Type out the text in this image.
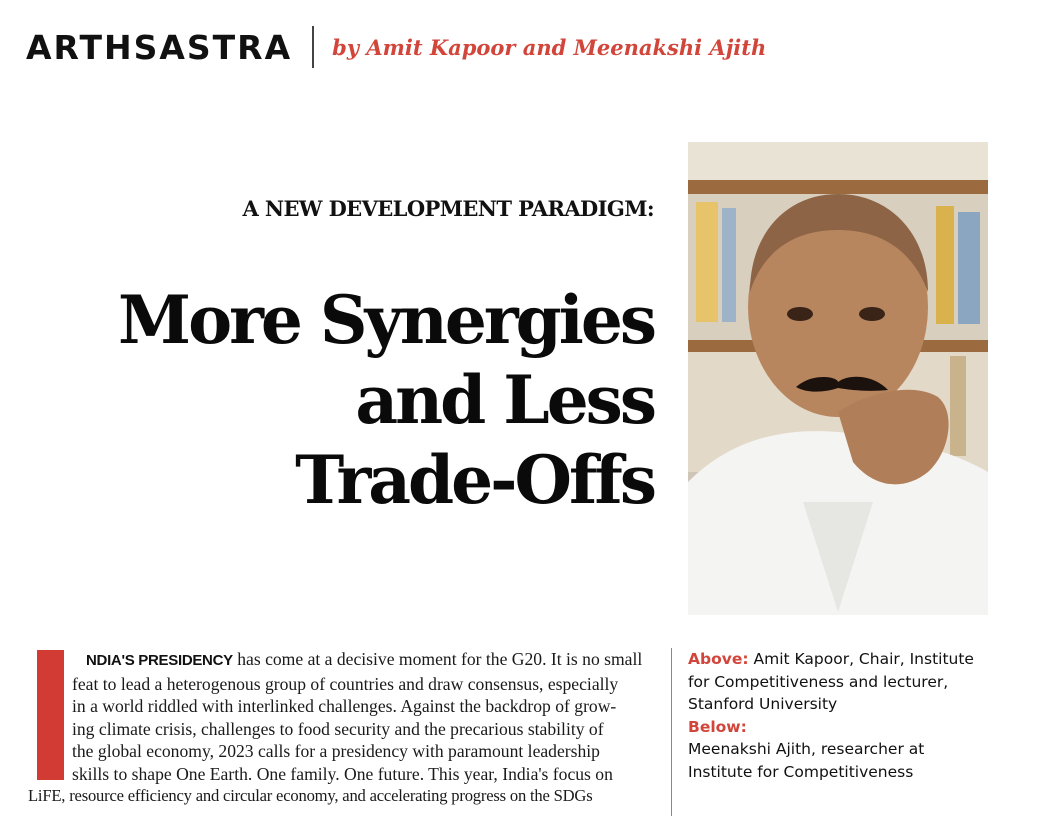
ARTHSASTRA by Amit Kapoor and Meenakshi Ajith
A NEW DEVELOPMENT PARADIGM:
More Synergies
and Less
Trade-Offs
NDIA'S PRESIDENCY has come at a decisive moment for the G20. It is no small
feat to lead a heterogenous group of countries and draw consensus, especially
in a world riddled with interlinked challenges. Against the backdrop of grow-
ing climate crisis, challenges to food security and the precarious stability of
the global economy, 2023 calls for a presidency with paramount leadership
skills to shape One Earth. One family. One future. This year, India's focus on
LiFE, resource efficiency and circular economy, and accelerating progress on the SDGs
Above: Amit Kapoor, Chair, Institute
for Competitiveness and lecturer,
Stanford University
Below:
Meenakshi Ajith, researcher at
Institute for Competitiveness
